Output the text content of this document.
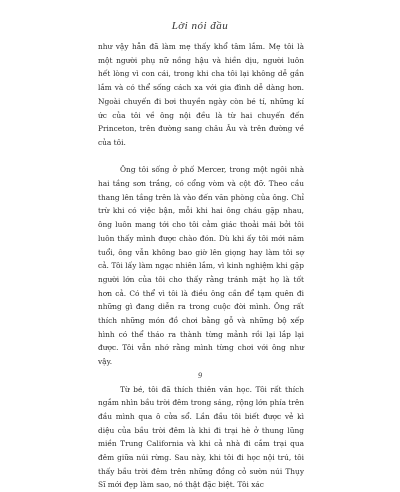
Lời nói đầu

như vậy hẳn đã làm mẹ thấy khổ tâm lắm. Mẹ tôi là một người phụ nữ nồng hậu và hiền dịu, người luôn hết lòng vì con cái, trong khi cha tôi lại không dễ gần lắm và có thể sống cách xa với gia đình dễ dàng hơn. Ngoài chuyến đi bơi thuyền ngày còn bé tí, những kí ức của tôi về ông nội đều là từ hai chuyến đến Princeton, trên đường sang châu Âu và trên đường về của tôi.

Ông tôi sống ở phố Mercer, trong một ngôi nhà hai tầng sơn trắng, có cổng vòm và cột đỡ. Theo cầu thang lên tầng trên là vào đến văn phòng của ông. Chỉ trừ khi có việc bận, mỗi khi hai ông cháu gặp nhau, ông luôn mang tới cho tôi cảm giác thoải mái bởi tôi luôn thấy mình được chào đón. Dù khi ấy tôi mới năm tuổi, ông vẫn không bao giờ lên giọng hay làm tôi sợ cả. Tôi lấy làm ngạc nhiên lắm, vì kinh nghiệm khi gặp người lớn của tôi cho thấy rằng tránh mặt họ là tốt hơn cả. Có thể vì tôi là điều ông cần để tạm quên đi những gì đang diễn ra trong cuộc đời mình. Ông rất thích những món đồ chơi bằng gỗ và những bộ xếp hình có thể tháo ra thành từng mảnh rồi lại lắp lại được. Tôi vẫn nhớ rằng mình từng chơi với ông như vậy.

Từ bé, tôi đã thích thiên văn học. Tôi rất thích ngắm nhìn bầu trời đêm trong sáng, rộng lớn phía trên đầu mình qua ô cửa sổ. Lần đầu tôi biết được vẻ kì diệu của bầu trời đêm là khi đi trại hè ở thung lũng miền Trung California và khi cả nhà đi cắm trại qua đêm giữa núi rừng. Sau này, khi tôi đi học nội trú, tôi thấy bầu trời đêm trên những đồng cỏ sườn núi Thụy Sĩ mới đẹp làm sao, nó thật đặc biệt. Tôi xác

9
